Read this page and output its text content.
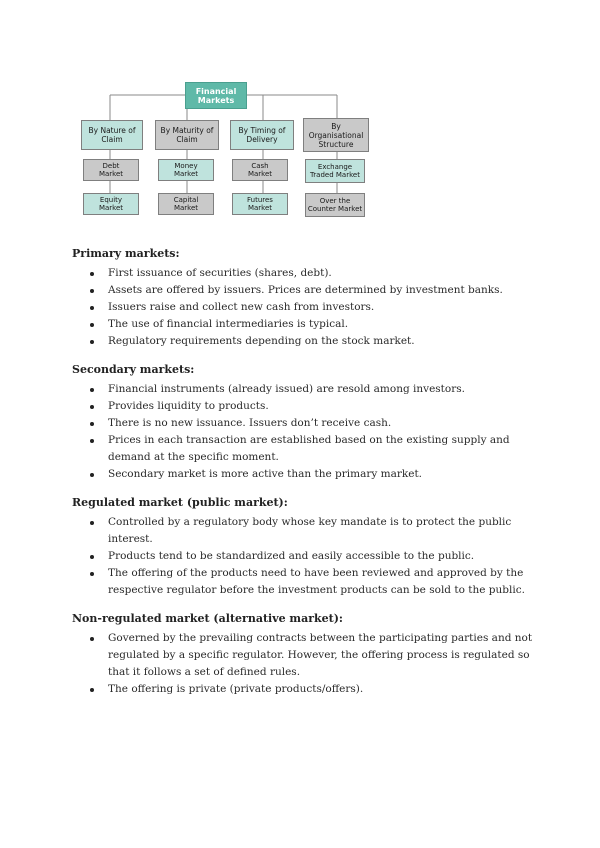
Financial
Markets
By Nature of
Claim
By Maturity of
Claim
By Timing of
Delivery
By
Organisational
Structure
Debt
Market
Equity
Market
Money
Market
Capital
Market
Cash
Market
Futures
Market
Exchange
Traded Market
Over the
Counter Market
Primary markets:
First issuance of securities (shares, debt).
Assets are offered by issuers. Prices are determined by investment banks.
Issuers raise and collect new cash from investors.
The use of financial intermediaries is typical.
Regulatory requirements depending on the stock market.
Secondary markets:
Financial instruments (already issued) are resold among investors.
Provides liquidity to products.
There is no new issuance. Issuers don’t receive cash.
Prices in each transaction are established based on the existing supply and demand at the specific moment.
Secondary market is more active than the primary market.
Regulated market (public market):
Controlled by a regulatory body whose key mandate is to protect the public interest.
Products tend to be standardized and easily accessible to the public.
The offering of the products need to have been reviewed and approved by the respective regulator before the investment products can be sold to the public.
Non-regulated market (alternative market):
Governed by the prevailing contracts between the participating parties and not regulated by a specific regulator. However, the offering process is regulated so that it follows a set of defined rules.
The offering is private (private products/offers).
